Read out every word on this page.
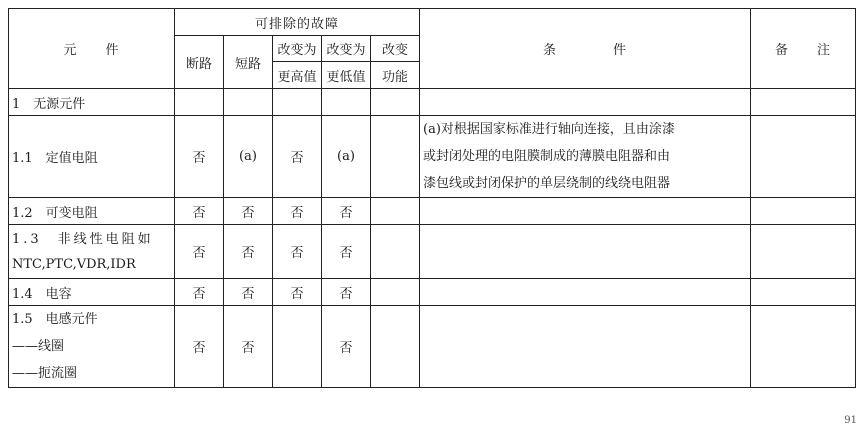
元　　件	可排除的故障					条　　　　件	备　　注
	断路	短路	改变为	改变为	改变		
			更高值	更低值	功能		
1　无源元件							
1.1　定值电阻	否	(a)	否	(a)		(a)对根据国家标准进行轴向连接，且由涂漆
或封闭处理的电阻膜制成的薄膜电阻器和由
漆包线或封闭保护的单层绕制的线绕电阻器	

1.2　可变电阻	否	否	否	否			

1.3　非线性电阻如
NTC,PTC,VDR,IDR	否	否	否	否			
1.4　电容	否	否	否	否			

1.5　电感元件
——线圈
——扼流圈	否	否		否			
91
